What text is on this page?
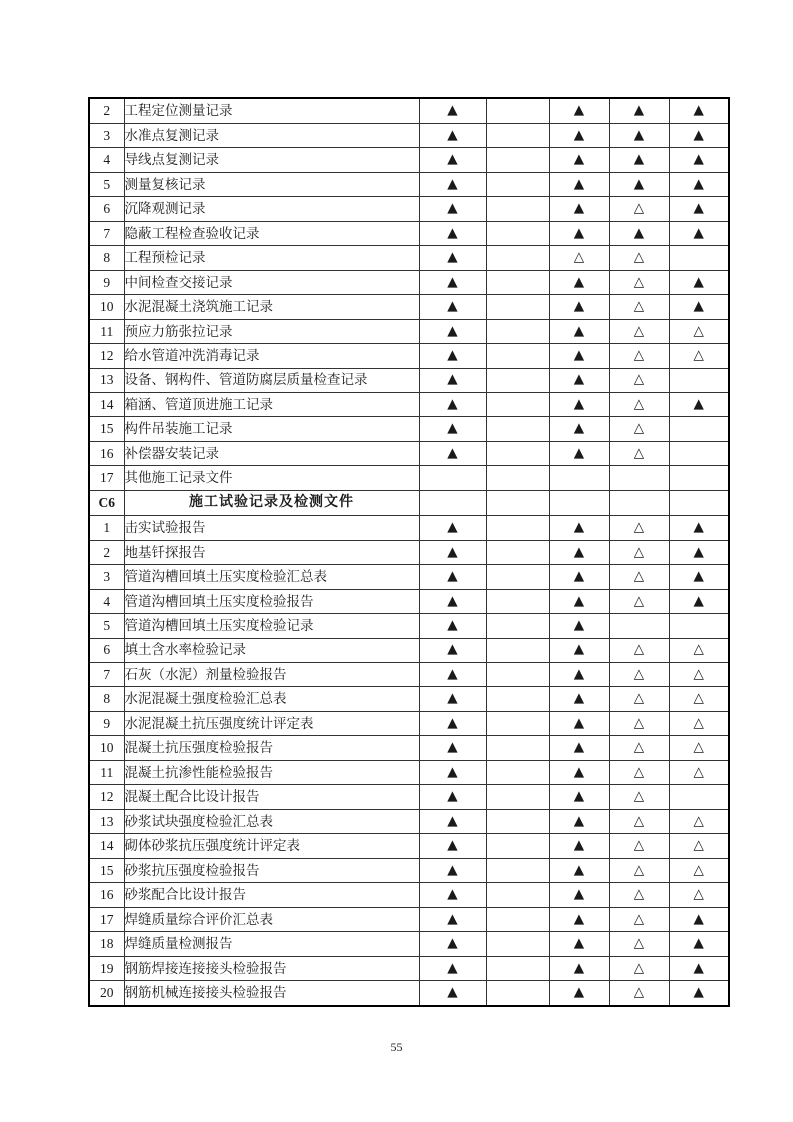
2	工程定位测量记录	▲		▲	▲	▲
3	水准点复测记录	▲		▲	▲	▲
4	导线点复测记录	▲		▲	▲	▲
5	测量复核记录	▲		▲	▲	▲
6	沉降观测记录	▲		▲	△	▲
7	隐蔽工程检查验收记录	▲		▲	▲	▲
8	工程预检记录	▲		△	△	
9	中间检查交接记录	▲		▲	△	▲
10	水泥混凝土浇筑施工记录	▲		▲	△	▲
11	预应力筋张拉记录	▲		▲	△	△
12	给水管道冲洗消毒记录	▲		▲	△	△
13	设备、钢构件、管道防腐层质量检查记录	▲		▲	△	
14	箱涵、管道顶进施工记录	▲		▲	△	▲
15	构件吊装施工记录	▲		▲	△	
16	补偿器安装记录	▲		▲	△	
17	其他施工记录文件					
C6	施工试验记录及检测文件					
1	击实试验报告	▲		▲	△	▲
2	地基钎探报告	▲		▲	△	▲
3	管道沟槽回填土压实度检验汇总表	▲		▲	△	▲
4	管道沟槽回填土压实度检验报告	▲		▲	△	▲
5	管道沟槽回填土压实度检验记录	▲		▲		
6	填土含水率检验记录	▲		▲	△	△
7	石灰（水泥）剂量检验报告	▲		▲	△	△
8	水泥混凝土强度检验汇总表	▲		▲	△	△
9	水泥混凝土抗压强度统计评定表	▲		▲	△	△
10	混凝土抗压强度检验报告	▲		▲	△	△
11	混凝土抗渗性能检验报告	▲		▲	△	△
12	混凝土配合比设计报告	▲		▲	△	
13	砂浆试块强度检验汇总表	▲		▲	△	△
14	砌体砂浆抗压强度统计评定表	▲		▲	△	△
15	砂浆抗压强度检验报告	▲		▲	△	△
16	砂浆配合比设计报告	▲		▲	△	△
17	焊缝质量综合评价汇总表	▲		▲	△	▲
18	焊缝质量检测报告	▲		▲	△	▲
19	钢筋焊接连接接头检验报告	▲		▲	△	▲
20	钢筋机械连接接头检验报告	▲		▲	△	▲
55
